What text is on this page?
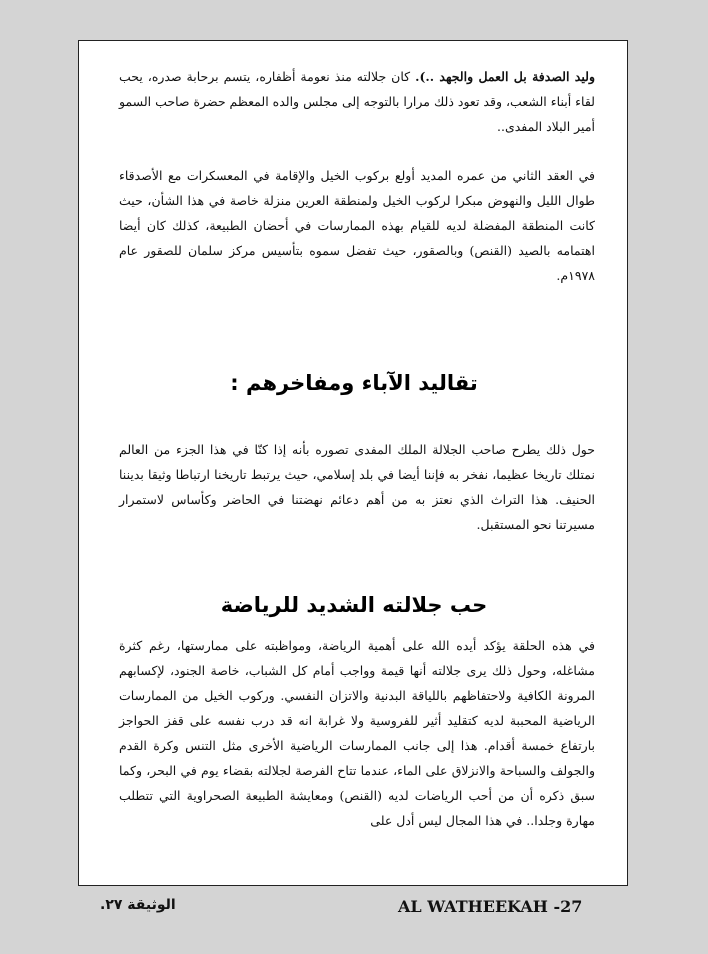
وليد الصدفة بل العمل والجهد ..). كان جلالته منذ نعومة أظفاره، يتسم برحابة صدره، يحب لقاء أبناء الشعب، وقد تعود ذلك مرارا بالتوجه إلى مجلس والده المعظم حضرة صاحب السمو أمير البلاد المفدى..
في العقد الثاني من عمره المديد أولع بركوب الخيل والإقامة في المعسكرات مع الأصدقاء طوال الليل والنهوض مبكرا لركوب الخيل ولمنطقة العرين منزلة خاصة في هذا الشأن، حيث كانت المنطقة المفضلة لديه للقيام بهذه الممارسات في أحضان الطبيعة، كذلك كان أيضا اهتمامه بالصيد (القنص) وبالصقور، حيث تفضل سموه بتأسيس مركز سلمان للصقور عام ١٩٧٨م.
تقاليد الآباء ومفاخرهم :
حول ذلك يطرح صاحب الجلالة الملك المفدى تصوره بأنه إذا كنّا في هذا الجزء من العالم نمتلك تاريخا عظيما، نفخر به فإننا أيضا في بلد إسلامي، حيث يرتبط تاريخنا ارتباطا وثيقا بديننا الحنيف. هذا التراث الذي نعتز به من أهم دعائم نهضتنا في الحاضر وكأساس لاستمرار مسيرتنا نحو المستقبل.
حب جلالته الشديد للرياضة
في هذه الحلقة يؤكد أيده الله على أهمية الرياضة، ومواظبته على ممارستها، رغم كثرة مشاغله، وحول ذلك يرى جلالته أنها قيمة وواجب أمام كل الشباب، خاصة الجنود، لإكسابهم المرونة الكافية ولاحتفاظهم باللياقة البدنية والاتزان النفسي. وركوب الخيل من الممارسات الرياضية المحببة لديه كتقليد أثير للفروسية ولا غرابة انه قد درب نفسه على قفز الحواجز بارتفاع خمسة أقدام. هذا إلى جانب الممارسات الرياضية الأخرى مثل التنس وكرة القدم والجولف والسباحة والانزلاق على الماء، عندما تتاح الفرصة لجلالته بقضاء يوم في البحر، وكما سبق ذكره أن من أحب الرياضات لديه (القنص) ومعايشة الطبيعة الصحراوية التي تتطلب مهارة وجلدا.. في هذا المجال ليس أدل على
AL WATHEEKAH -27
الوثيقة ٢٧.
